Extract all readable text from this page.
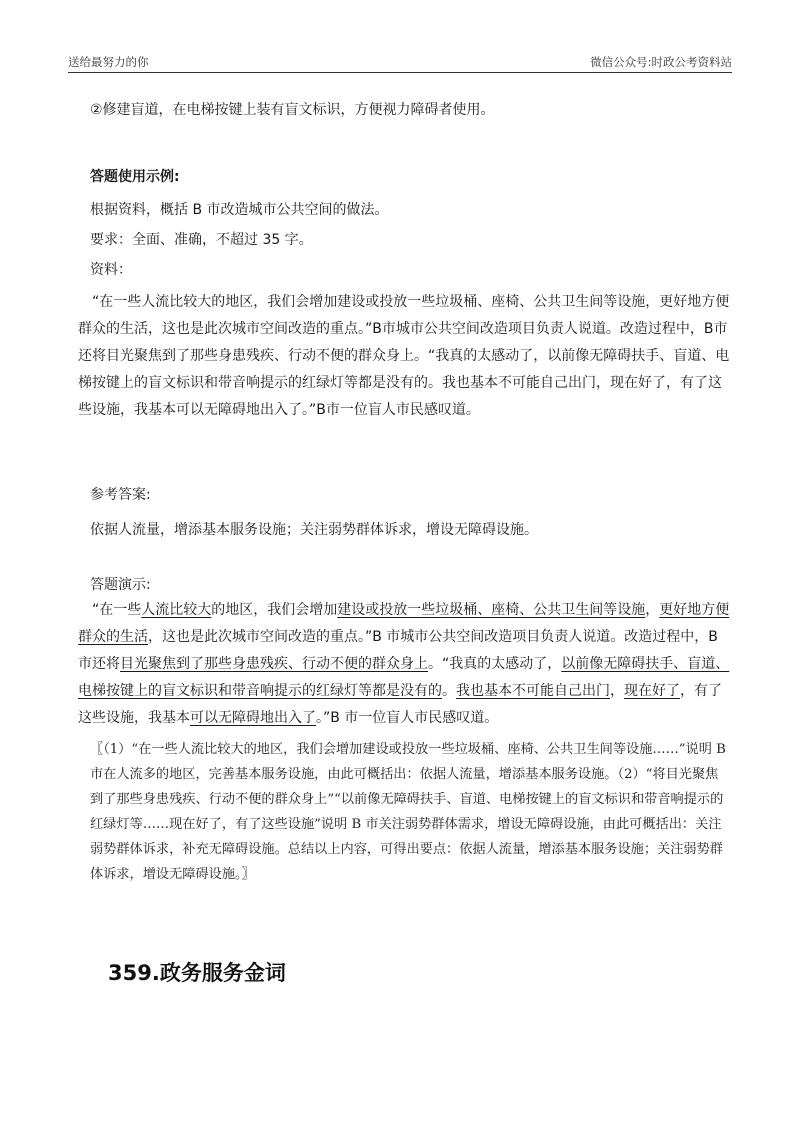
送给最努力的你	微信公众号:时政公考资料站

②修建盲道，在电梯按键上装有盲文标识，方便视力障碍者使用。

答题使用示例:

根据资料，概括 B 市改造城市公共空间的做法。

要求：全面、准确，不超过 35 字。

资料：

“在一些人流比较大的地区，我们会增加建设或投放一些垃圾桶、座椅、公共卫生间等设施，更好地方便群众的生活，这也是此次城市空间改造的重点。”B市城市公共空间改造项目负责人说道。改造过程中，B市还将目光聚焦到了那些身患残疾、行动不便的群众身上。“我真的太感动了，以前像无障碍扶手、盲道、电梯按键上的盲文标识和带音响提示的红绿灯等都是没有的。我也基本不可能自己出门，现在好了，有了这些设施，我基本可以无障碍地出入了。”B市一位盲人市民感叹道。

参考答案:

依据人流量，增添基本服务设施；关注弱势群体诉求，增设无障碍设施。

答题演示:

“在一些人流比较大的地区，我们会增加建设或投放一些垃圾桶、座椅、公共卫生间等设施，更好地方便群众的生活，这也是此次城市空间改造的重点。”B 市城市公共空间改造项目负责人说道。改造过程中，B 市还将目光聚焦到了那些身患残疾、行动不便的群众身上。“我真的太感动了，以前像无障碍扶手、盲道、电梯按键上的盲文标识和带音响提示的红绿灯等都是没有的。我也基本不可能自己出门，现在好了，有了这些设施，我基本可以无障碍地出入了。”B 市一位盲人市民感叹道。

〖（1）“在一些人流比较大的地区，我们会增加建设或投放一些垃圾桶、座椅、公共卫生间等设施……”说明 B 市在人流多的地区，完善基本服务设施，由此可概括出：依据人流量，增添基本服务设施。（2）“将目光聚焦到了那些身患残疾、行动不便的群众身上”“以前像无障碍扶手、盲道、电梯按键上的盲文标识和带音响提示的红绿灯等……现在好了，有了这些设施”说明 B 市关注弱势群体需求，增设无障碍设施，由此可概括出：关注弱势群体诉求，补充无障碍设施。总结以上内容，可得出要点：依据人流量，增添基本服务设施；关注弱势群体诉求，增设无障碍设施。〗

359.政务服务金词
